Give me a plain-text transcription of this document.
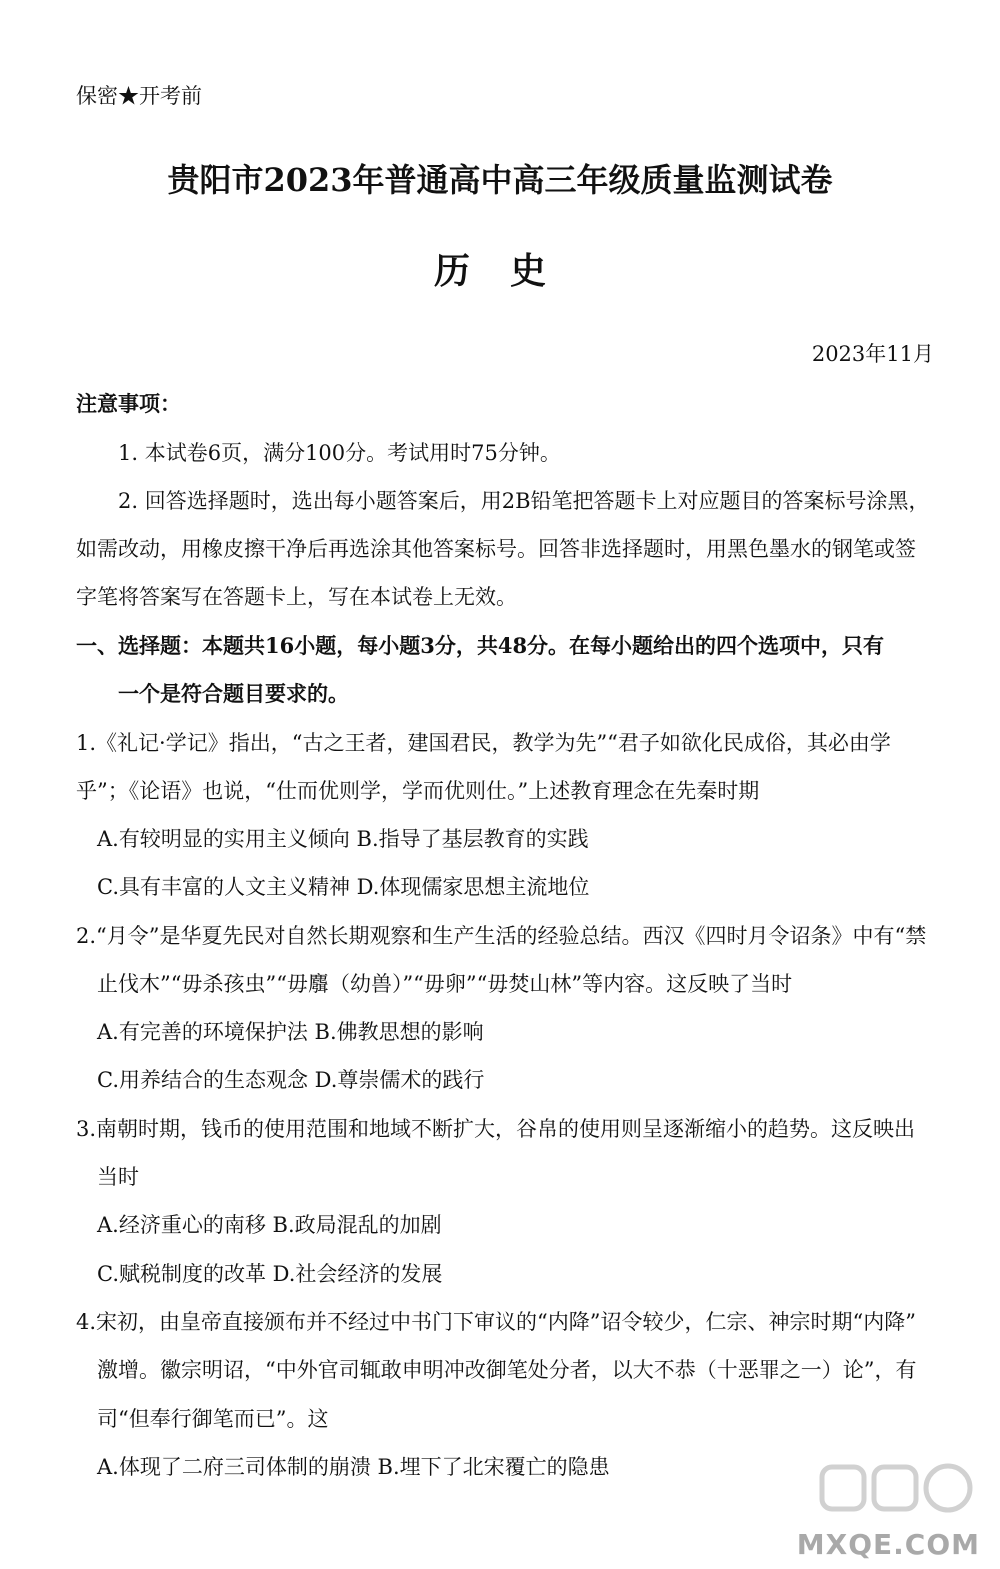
保密★开考前
贵阳市2023年普通高中高三年级质量监测试卷
历史
2023年11月
注意事项：
1. 本试卷6页，满分100分。考试用时75分钟。
2. 回答选择题时，选出每小题答案后，用2B铅笔把答题卡上对应题目的答案标号涂黑，
如需改动，用橡皮擦干净后再选涂其他答案标号。回答非选择题时，用黑色墨水的钢笔或签
字笔将答案写在答题卡上，写在本试卷上无效。
一、选择题：本题共16小题，每小题3分，共48分。在每小题给出的四个选项中，只有
一个是符合题目要求的。
1.《礼记·学记》指出，“古之王者，建国君民，教学为先”“君子如欲化民成俗，其必由学
乎”；《论语》也说，“仕而优则学，学而优则仕。”上述教育理念在先秦时期
A.有较明显的实用主义倾向 B.指导了基层教育的实践
C.具有丰富的人文主义精神 D.体现儒家思想主流地位
2.“月令”是华夏先民对自然长期观察和生产生活的经验总结。西汉《四时月令诏条》中有“禁
止伐木”“毋杀孩虫”“毋麛（幼兽）”“毋卵”“毋焚山林”等内容。这反映了当时
A.有完善的环境保护法 B.佛教思想的影响
C.用养结合的生态观念 D.尊崇儒术的践行
3.南朝时期，钱币的使用范围和地域不断扩大，谷帛的使用则呈逐渐缩小的趋势。这反映出
当时
A.经济重心的南移 B.政局混乱的加剧
C.赋税制度的改革 D.社会经济的发展
4.宋初，由皇帝直接颁布并不经过中书门下审议的“内降”诏令较少，仁宗、神宗时期“内降”
激增。徽宗明诏，“中外官司辄敢申明冲改御笔处分者，以大不恭（十恶罪之一）论”，有
司“但奉行御笔而已”。这
A.体现了二府三司体制的崩溃 B.埋下了北宋覆亡的隐患
MXQE.COM
